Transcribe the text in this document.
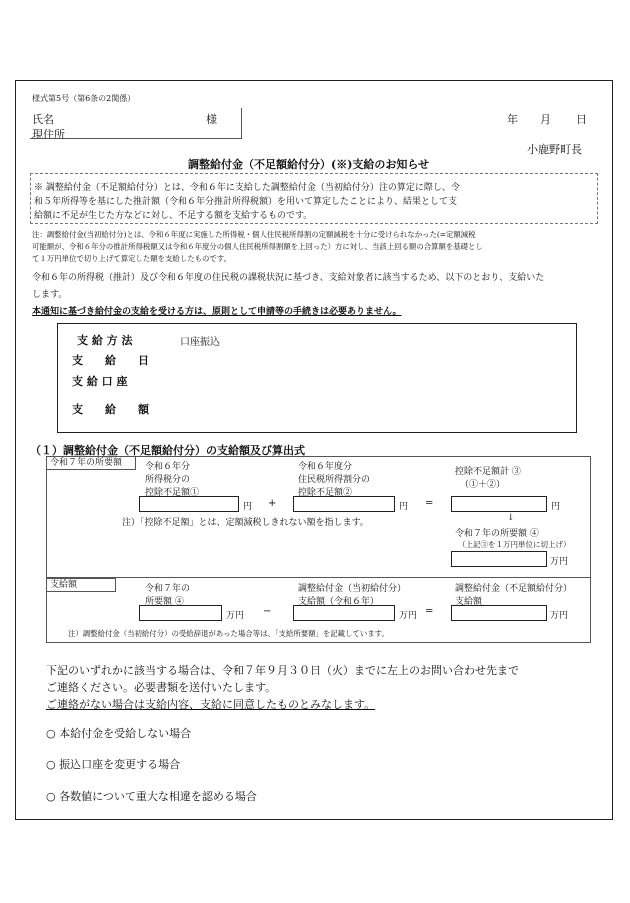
様式第5号（第6条の2関係）
氏名	様
現住所
年 月 日
小鹿野町長
調整給付金（不足額給付分）(※)支給のお知らせ
※ 調整給付金（不足額給付分）とは、令和６年に支給した調整給付金（当初給付分）注の算定に際し、令
和５年所得等を基にした推計額（令和６年分推計所得税額）を用いて算定したことにより、結果として支
給額に不足が生じた方などに対し、不足する額を支給するものです。
注：調整給付金(当初給付分)とは、令和６年度に実施した所得税・個人住民税所得割の定額減税を十分に受けられなかった(=定額減税
可能額が、令和６年分の推計所得税額又は令和６年度分の個人住民税所得割額を上回った）方に対し、当該上回る額の合算額を基礎とし
て１万円単位で切り上げて算定した額を支給したものです。
令和６年の所得税（推計）及び令和６年度の住民税の課税状況に基づき、支給対象者に該当するため、以下のとおり、支給いた
します。
本通知に基づき給付金の支給を受ける方は、原則として申請等の手続きは必要ありません。
支 給 方 法	口座振込
支　　給　　日
支 給 口 座
支　　給　　額
（１）調整給付金（不足額給付分）の支給額及び算出式
令和７年の所要額	令和６年分
所得税分の
控除不足額①
円 +
令和６年度分
住民税所得割分の
控除不足額②
円 =
控除不足額計 ③
（①＋②）
円
注）「控除不足額」とは、定額減税しきれない額を指します。	↓
令和７年の所要額 ④
（上記③を１万円単位に切上げ）
万円
支給額	令和７年の
所要額 ④
万円 −
調整給付金（当初給付分）
支給額（令和６年）
万円 =
調整給付金（不足額給付分）
支給額
万円
注）調整給付金（当初給付分）の受給辞退があった場合等は、「支給所要額」を記載しています。
下記のいずれかに該当する場合は、令和７年９月３０日（火）までに左上のお問い合わせ先まで
ご連絡ください。必要書類を送付いたします。
ご連絡がない場合は支給内容、支給に同意したものとみなします。
○ 本給付金を受給しない場合
○ 振込口座を変更する場合
○ 各数値について重大な相違を認める場合
